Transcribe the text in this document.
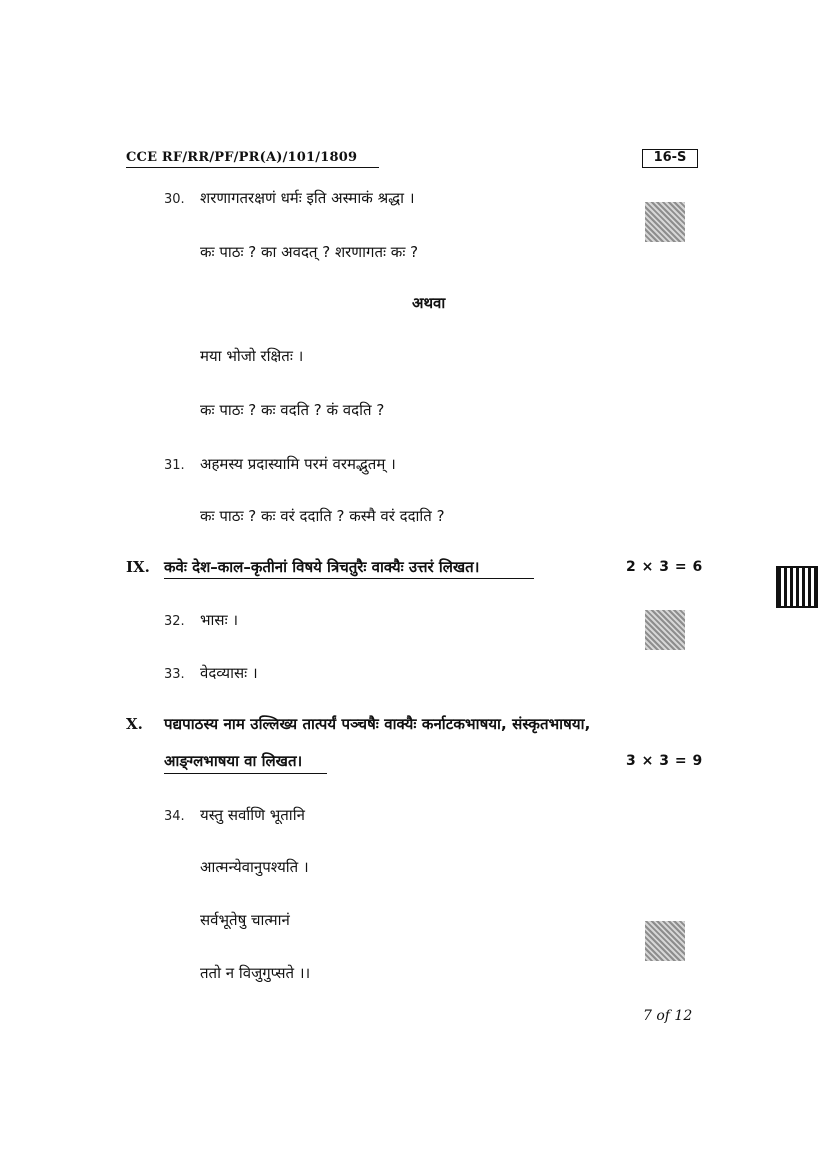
CCE RF/RR/PF/PR(A)/101/1809	16-S
30. शरणागतरक्षणं धर्मः इति अस्माकं श्रद्धा ।
कः पाठः ? का अवदत् ? शरणागतः कः ?
अथवा
मया भोजो रक्षितः ।
कः पाठः ? कः वदति ? कं वदति ?
31. अहमस्य प्रदास्यामि परमं वरमद्भुतम् ।
कः पाठः ? कः वरं ददाति ? कस्मै वरं ददाति ?
IX. कवेः देश–काल–कृतीनां विषये त्रिचतुरैः वाक्यैः उत्तरं लिखत।	2 × 3 = 6
32. भासः ।
33. वेदव्यासः ।
X. पद्यपाठस्य नाम उल्लिख्य तात्पर्यं पञ्चषैः वाक्यैः कर्नाटकभाषया, संस्कृतभाषया,
आङ्ग्लभाषया वा लिखत।	3 × 3 = 9
34. यस्तु सर्वाणि भूतानि
आत्मन्येवानुपश्यति ।
सर्वभूतेषु चात्मानं
ततो न विजुगुप्सते ।।
7 of 12
